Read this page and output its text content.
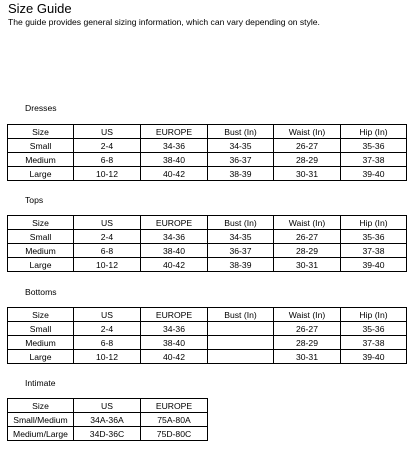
Size Guide

The guide provides general sizing information, which can vary depending on style.

Dresses

Size	US	EUROPE	Bust (In)	Waist (In)	Hip (In)
Small	2-4	34-36	34-35	26-27	35-36
Medium	6-8	38-40	36-37	28-29	37-38
Large	10-12	40-42	38-39	30-31	39-40

Tops

Size	US	EUROPE	Bust (In)	Waist (In)	Hip (In)
Small	2-4	34-36	34-35	26-27	35-36
Medium	6-8	38-40	36-37	28-29	37-38
Large	10-12	40-42	38-39	30-31	39-40

Bottoms

Size	US	EUROPE	Bust (In)	Waist (In)	Hip (In)
Small	2-4	34-36		26-27	35-36
Medium	6-8	38-40		28-29	37-38
Large	10-12	40-42		30-31	39-40

Intimate

Size	US	EUROPE
Small/Medium	34A-36A	75A-80A
Medium/Large	34D-36C	75D-80C
